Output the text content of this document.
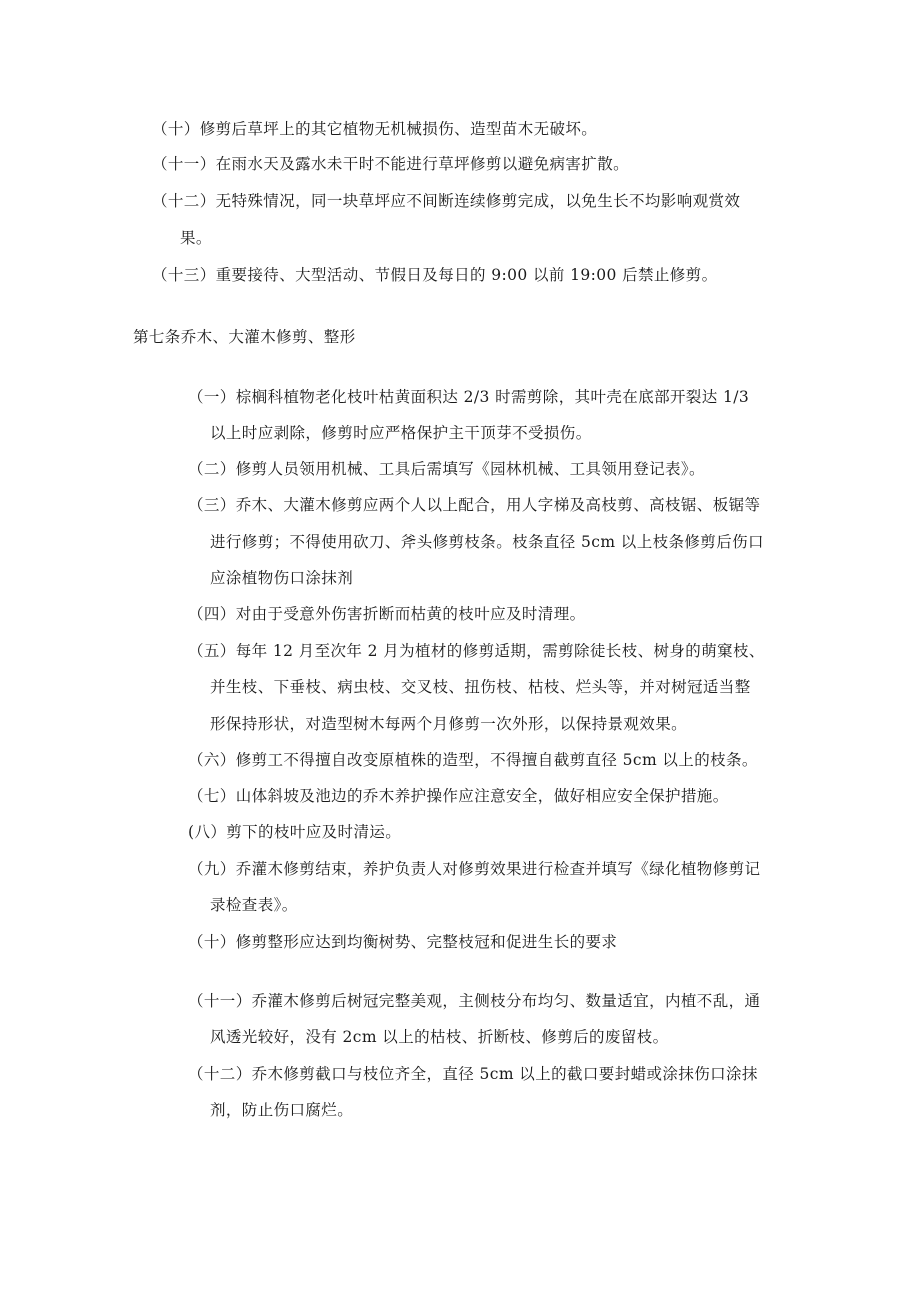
（十）修剪后草坪上的其它植物无机械损伤、造型苗木无破坏。
（十一）在雨水天及露水未干时不能进行草坪修剪以避免病害扩散。
（十二）无特殊情况，同一块草坪应不间断连续修剪完成，以免生长不均影响观赏效
果。
（十三）重要接待、大型活动、节假日及每日的 9:00 以前 19:00 后禁止修剪。
第七条乔木、大灌木修剪、整形
（一）棕榈科植物老化枝叶枯黄面积达 2/3 时需剪除，其叶壳在底部开裂达 1/3
以上时应剥除，修剪时应严格保护主干顶芽不受损伤。
（二）修剪人员领用机械、工具后需填写《园林机械、工具领用登记表》。
（三）乔木、大灌木修剪应两个人以上配合，用人字梯及高枝剪、高枝锯、板锯等
进行修剪；不得使用砍刀、斧头修剪枝条。枝条直径 5cm 以上枝条修剪后伤口
应涂植物伤口涂抹剂
（四）对由于受意外伤害折断而枯黄的枝叶应及时清理。
（五）每年 12 月至次年 2 月为植材的修剪适期，需剪除徒长枝、树身的萌窠枝、
并生枝、下垂枝、病虫枝、交叉枝、扭伤枝、枯枝、烂头等，并对树冠适当整
形保持形状，对造型树木每两个月修剪一次外形，以保持景观效果。
（六）修剪工不得擅自改变原植株的造型，不得擅自截剪直径 5cm 以上的枝条。
（七）山体斜坡及池边的乔木养护操作应注意安全，做好相应安全保护措施。
(八）剪下的枝叶应及时清运。
（九）乔灌木修剪结束，养护负责人对修剪效果进行检查并填写《绿化植物修剪记
录检查表》。
（十）修剪整形应达到均衡树势、完整枝冠和促进生长的要求
（十一）乔灌木修剪后树冠完整美观，主侧枝分布均匀、数量适宜，内植不乱，通
风透光较好，没有 2cm 以上的枯枝、折断枝、修剪后的废留枝。
（十二）乔木修剪截口与枝位齐全，直径 5cm 以上的截口要封蜡或涂抹伤口涂抹
剂，防止伤口腐烂。
